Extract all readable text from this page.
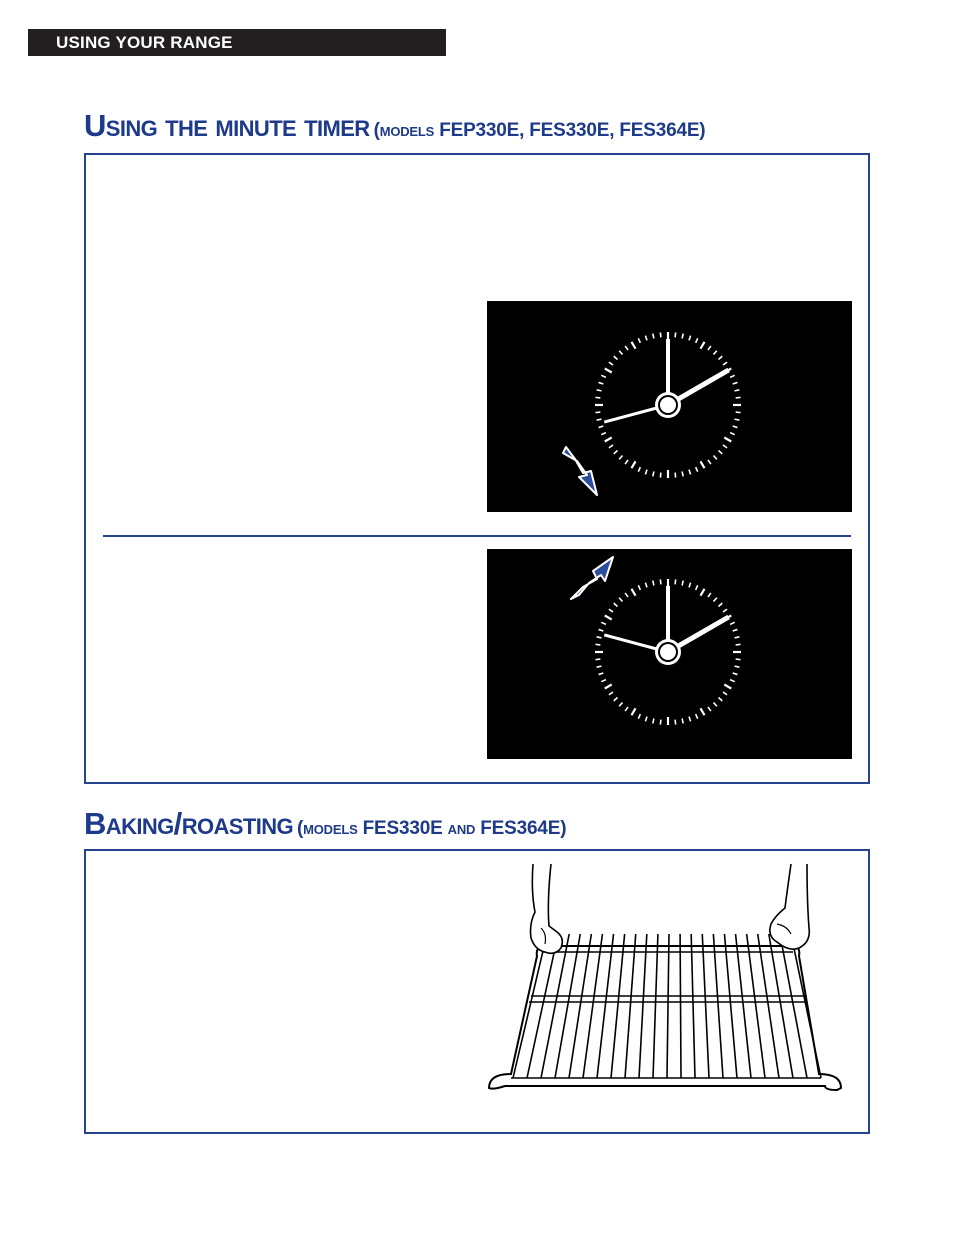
USING YOUR RANGE
Using the minute timer (models FEP330E, FES330E, FES364E)
Baking/roasting (models FES330E and FES364E)
